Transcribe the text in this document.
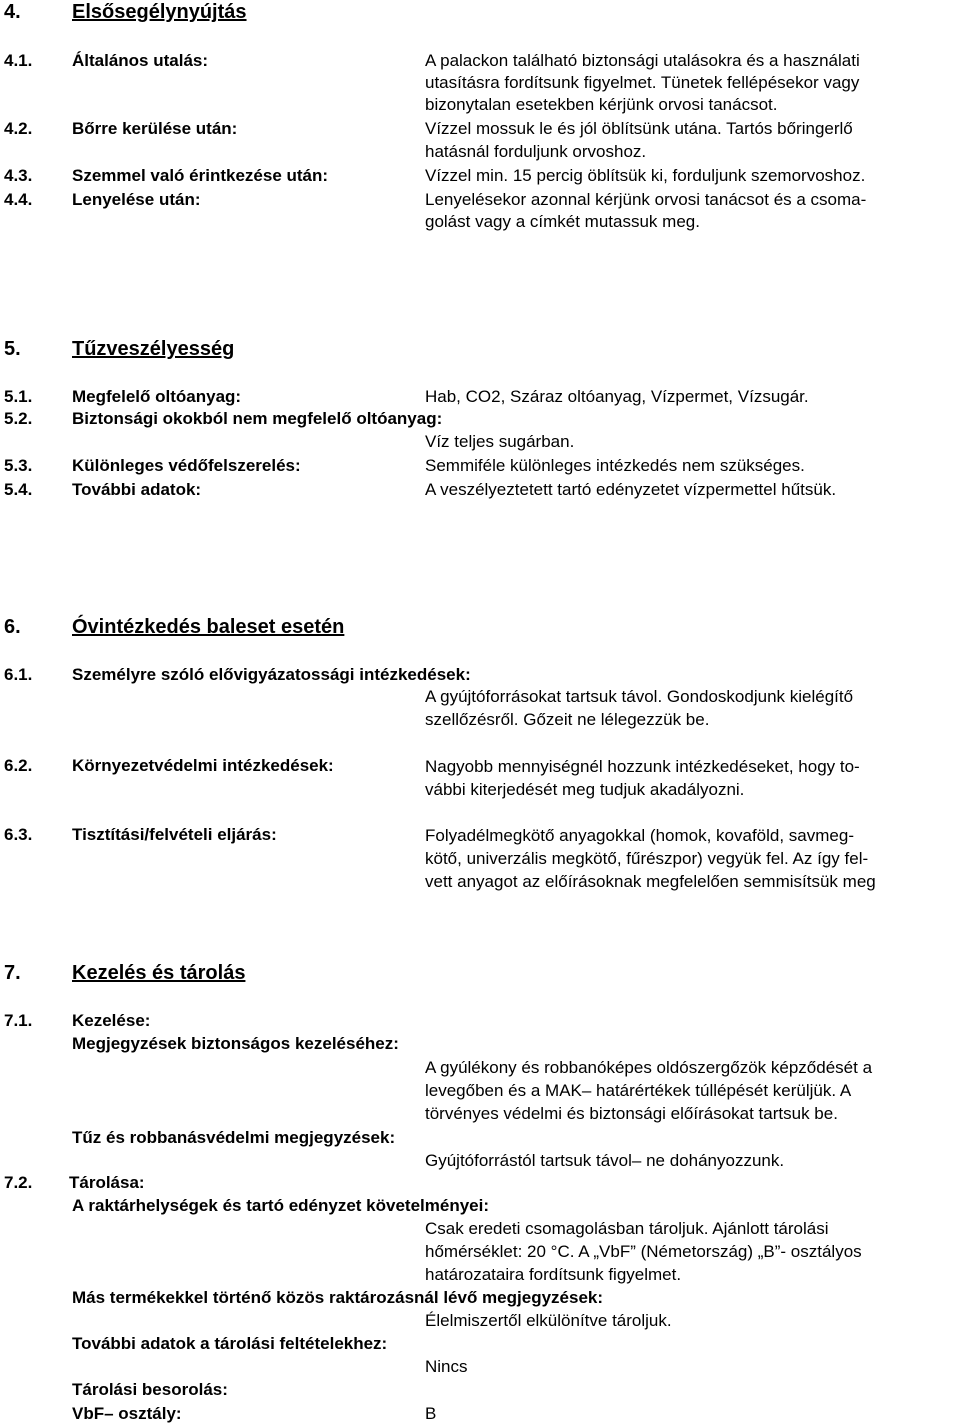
4.	Elsősegélynyújtás
4.1. Általános utalás:	A palackon található biztonsági utalásokra és a használati
utasításra fordítsunk figyelmet. Tünetek fellépésekor vagy
bizonytalan esetekben kérjünk orvosi tanácsot.
4.2. Bőrre kerülése után:	Vízzel mossuk le és jól öblítsünk utána. Tartós bőringerlő
hatásnál forduljunk orvoshoz.
4.3. Szemmel való érintkezése után:	Vízzel min. 15 percig öblítsük ki, forduljunk szemorvoshoz.
4.4. Lenyelése után:	Lenyelésekor azonnal kérjünk orvosi tanácsot és a csoma-
golást vagy a címkét mutassuk meg.
5.	Tűzveszélyesség
5.1. Megfelelő oltóanyag:	Hab, CO2, Száraz oltóanyag, Vízpermet, Vízsugár.
5.2. Biztonsági okokból nem megfelelő oltóanyag:
Víz teljes sugárban.
5.3. Különleges védőfelszerelés:	Semmiféle különleges intézkedés nem szükséges.
5.4. További adatok:	A veszélyeztetett tartó edényzetet vízpermettel hűtsük.
6.	Óvintézkedés baleset esetén
6.1. Személyre szóló elővigyázatossági intézkedések:
A gyújtóforrásokat tartsuk távol. Gondoskodjunk kielégítő
szellőzésről. Gőzeit ne lélegezzük be.
6.2. Környezetvédelmi intézkedések:	Nagyobb mennyiségnél hozzunk intézkedéseket, hogy to-
vábbi kiterjedését meg tudjuk akadályozni.
6.3. Tisztítási/felvételi eljárás:	Folyadélmegkötő anyagokkal (homok, kovaföld, savmeg-
kötő, univerzális megkötő, fűrészpor) vegyük fel. Az így fel-
vett anyagot az előírásoknak megfelelően semmisítsük meg
7.	Kezelés és tárolás
7.1. Kezelése:
Megjegyzések biztonságos kezeléséhez:
A gyúlékony és robbanóképes oldószergőzök képződését a
levegőben és a MAK– határértékek túllépését kerüljük. A
törvényes védelmi és biztonsági előírásokat tartsuk be.
Tűz és robbanásvédelmi megjegyzések:
Gyújtóforrástól tartsuk távol– ne dohányozzunk.
7.2. Tárolása:
A raktárhelységek és tartó edényzet követelményei:
Csak eredeti csomagolásban tároljuk. Ajánlott tárolási
hőmérséklet: 20 °C. A „VbF” (Németország) „B”- osztályos
határozataira fordítsunk figyelmet.
Más termékekkel történő közös raktározásnál lévő megjegyzések:
Élelmiszertől elkülönítve tároljuk.
További adatok a tárolási feltételekhez:
Nincs
Tárolási besorolás:
VbF– osztály:	B
